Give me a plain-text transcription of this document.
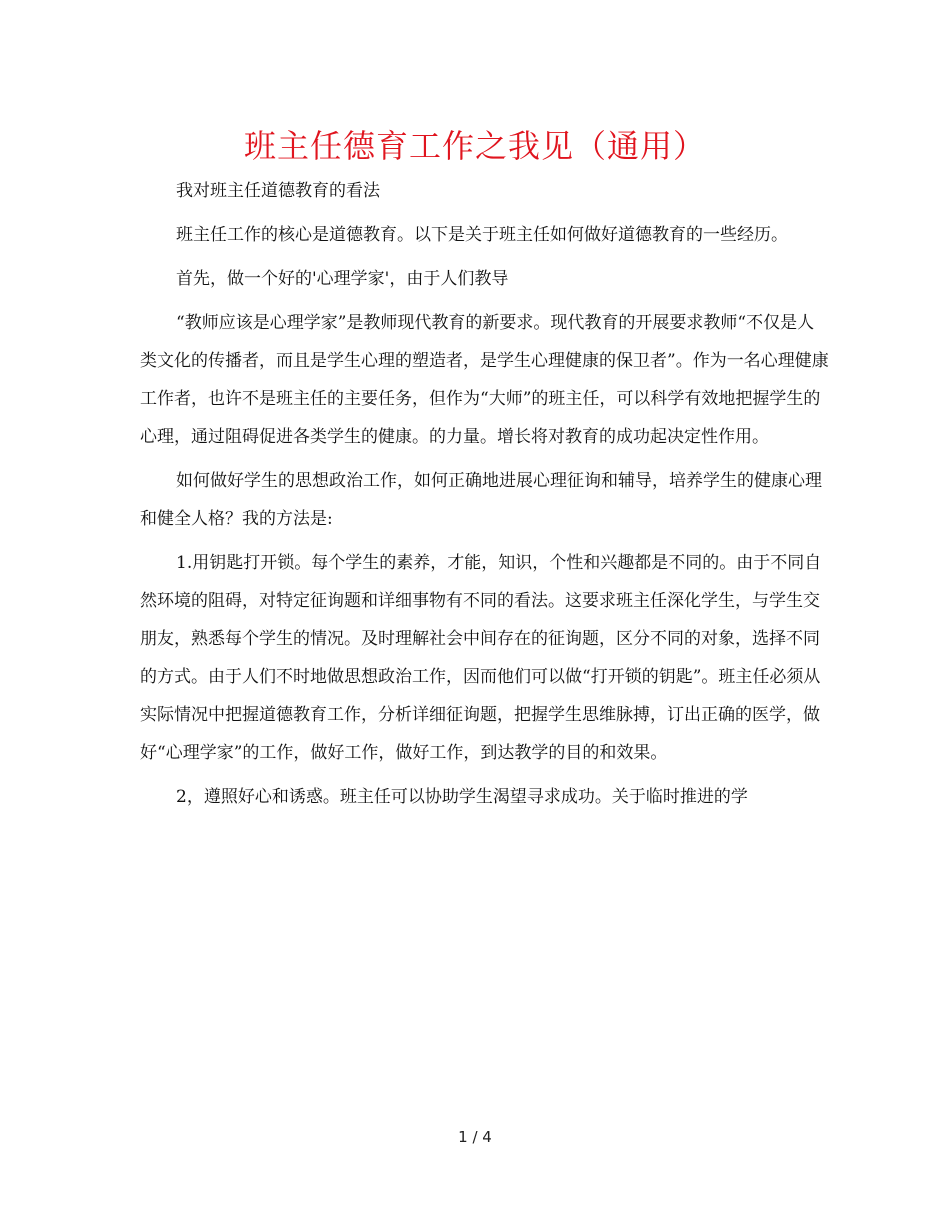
班主任德育工作之我见（通用）

我对班主任道德教育的看法

班主任工作的核心是道德教育。以下是关于班主任如何做好道德教育的一些经历。

首先，做一个好的'心理学家'，由于人们教导

“教师应该是心理学家”是教师现代教育的新要求。现代教育的开展要求教师“不仅是人类文化的传播者，而且是学生心理的塑造者，是学生心理健康的保卫者”。作为一名心理健康工作者，也许不是班主任的主要任务，但作为“大师”的班主任，可以科学有效地把握学生的心理，通过阻碍促进各类学生的健康。的力量。增长将对教育的成功起决定性作用。

如何做好学生的思想政治工作，如何正确地进展心理征询和辅导，培养学生的健康心理和健全人格？我的方法是:

1.用钥匙打开锁。每个学生的素养，才能，知识，个性和兴趣都是不同的。由于不同自然环境的阻碍，对特定征询题和详细事物有不同的看法。这要求班主任深化学生，与学生交朋友，熟悉每个学生的情况。及时理解社会中间存在的征询题，区分不同的对象，选择不同的方式。由于人们不时地做思想政治工作，因而他们可以做“打开锁的钥匙”。班主任必须从实际情况中把握道德教育工作，分析详细征询题，把握学生思维脉搏，订出正确的医学，做好“心理学家”的工作，做好工作，做好工作，到达教学的目的和效果。

2，遵照好心和诱惑。班主任可以协助学生渴望寻求成功。关于临时推进的学

1 / 4
